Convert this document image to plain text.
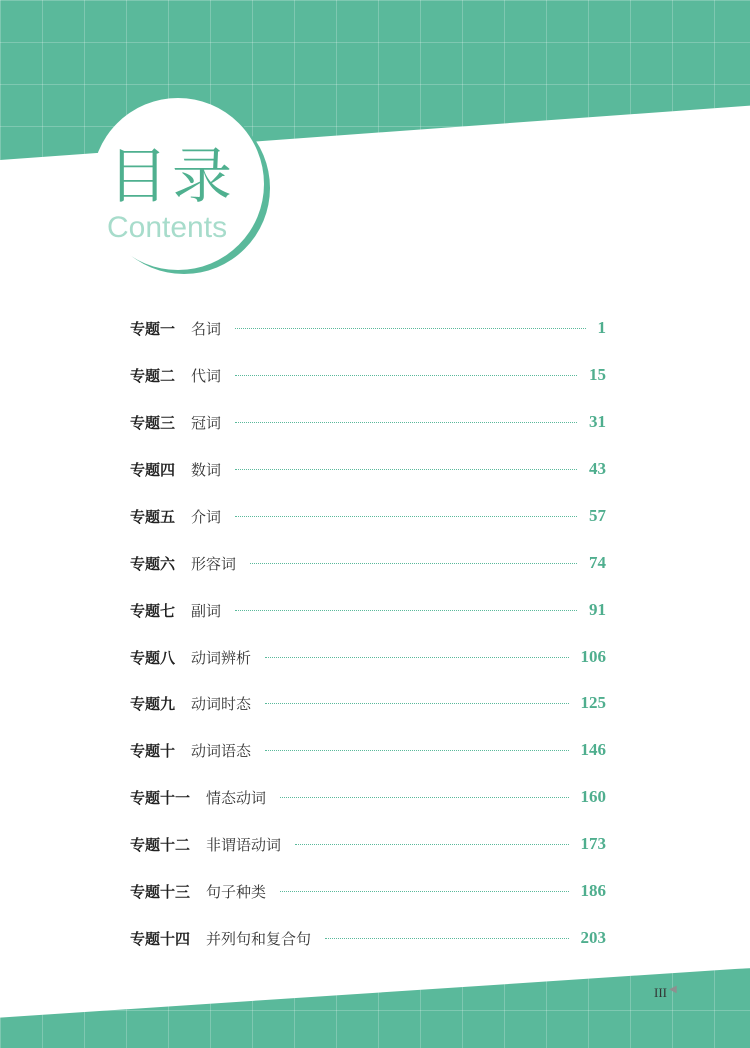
目录
Contents
专题一 名词	1
专题二 代词	15
专题三 冠词	31
专题四 数词	43
专题五 介词	57
专题六 形容词	74
专题七 副词	91
专题八 动词辨析	106
专题九 动词时态	125
专题十 动词语态	146
专题十一 情态动词	160
专题十二 非谓语动词	173
专题十三 句子种类	186
专题十四 并列句和复合句	203
III ◀
